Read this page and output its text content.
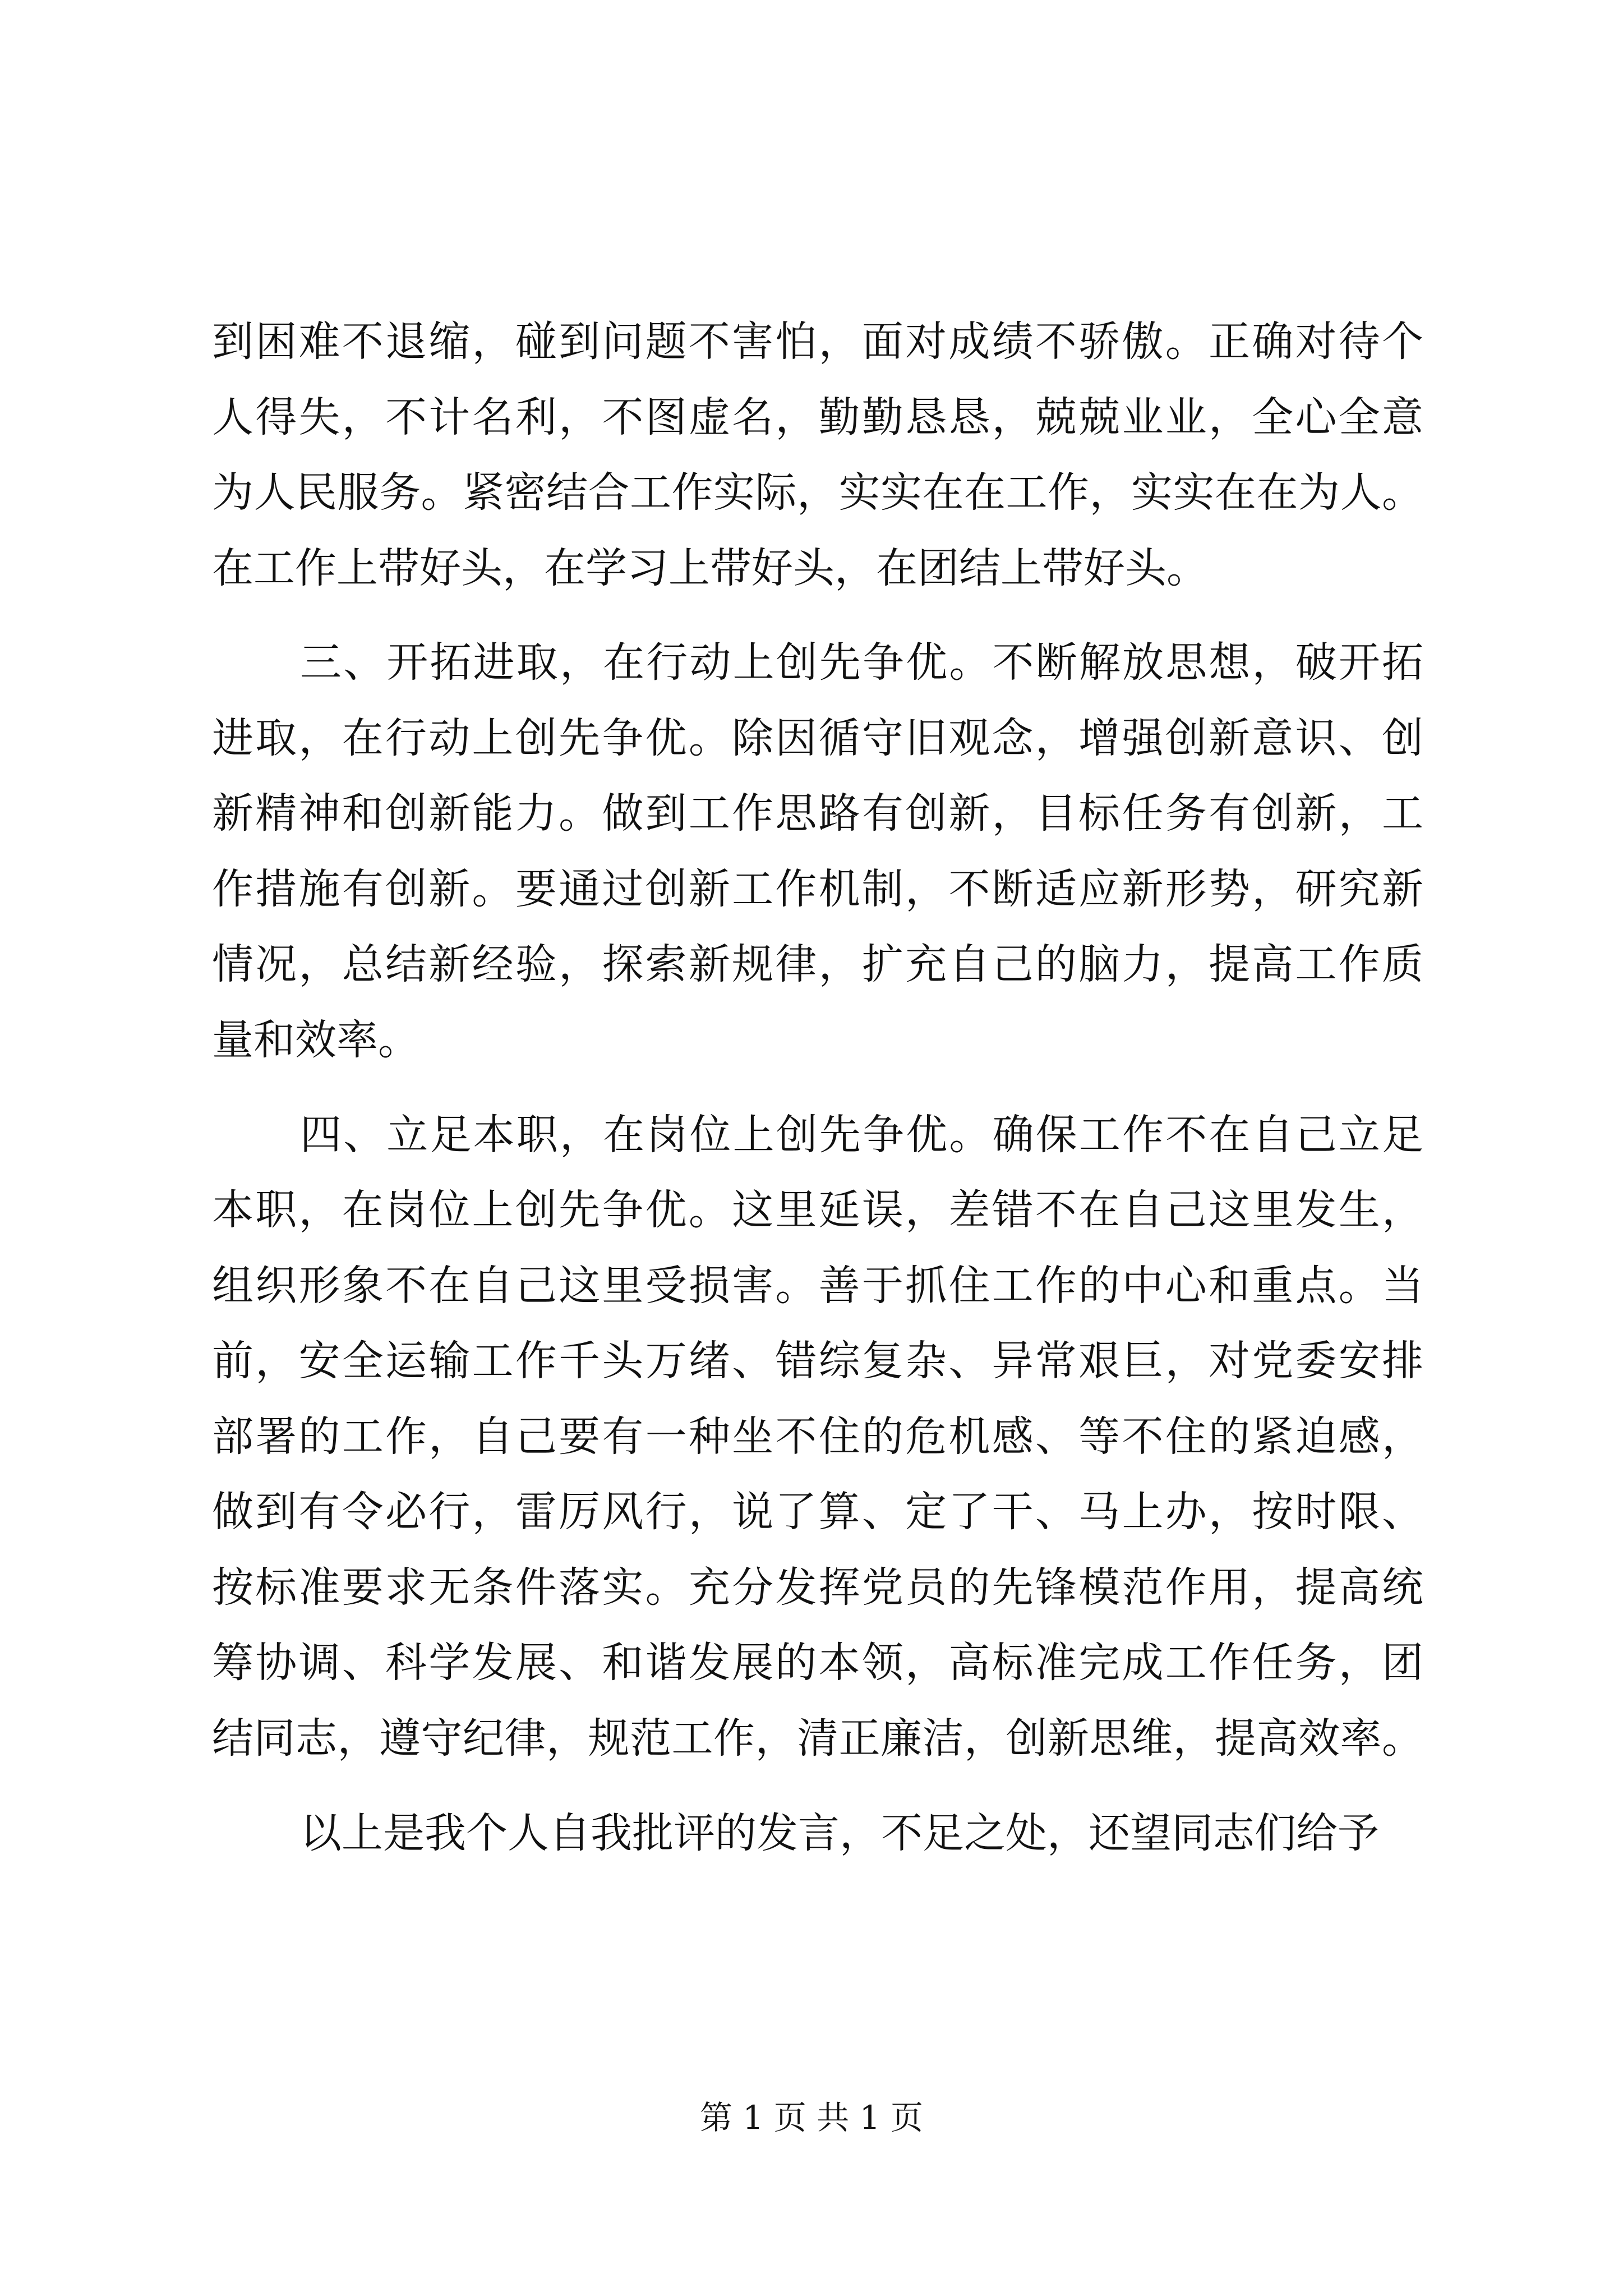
到困难不退缩，碰到问题不害怕，面对成绩不骄傲。正确对待个
人得失，不计名利，不图虚名，勤勤恳恳，兢兢业业，全心全意
为人民服务。紧密结合工作实际，实实在在工作，实实在在为人。
在工作上带好头，在学习上带好头，在团结上带好头。
三、开拓进取，在行动上创先争优。不断解放思想，破开拓
进取，在行动上创先争优。除因循守旧观念，增强创新意识、创
新精神和创新能力。做到工作思路有创新，目标任务有创新，工
作措施有创新。要通过创新工作机制，不断适应新形势，研究新
情况，总结新经验，探索新规律，扩充自己的脑力，提高工作质
量和效率。
四、立足本职，在岗位上创先争优。确保工作不在自己立足
本职，在岗位上创先争优。这里延误，差错不在自己这里发生，
组织形象不在自己这里受损害。善于抓住工作的中心和重点。当
前，安全运输工作千头万绪、错综复杂、异常艰巨，对党委安排
部署的工作，自己要有一种坐不住的危机感、等不住的紧迫感，
做到有令必行，雷厉风行，说了算、定了干、马上办，按时限、
按标准要求无条件落实。充分发挥党员的先锋模范作用，提高统
筹协调、科学发展、和谐发展的本领，高标准完成工作任务，团
结同志，遵守纪律，规范工作，清正廉洁，创新思维，提高效率。
以上是我个人自我批评的发言，不足之处，还望同志们给予
第 1 页 共 1 页
